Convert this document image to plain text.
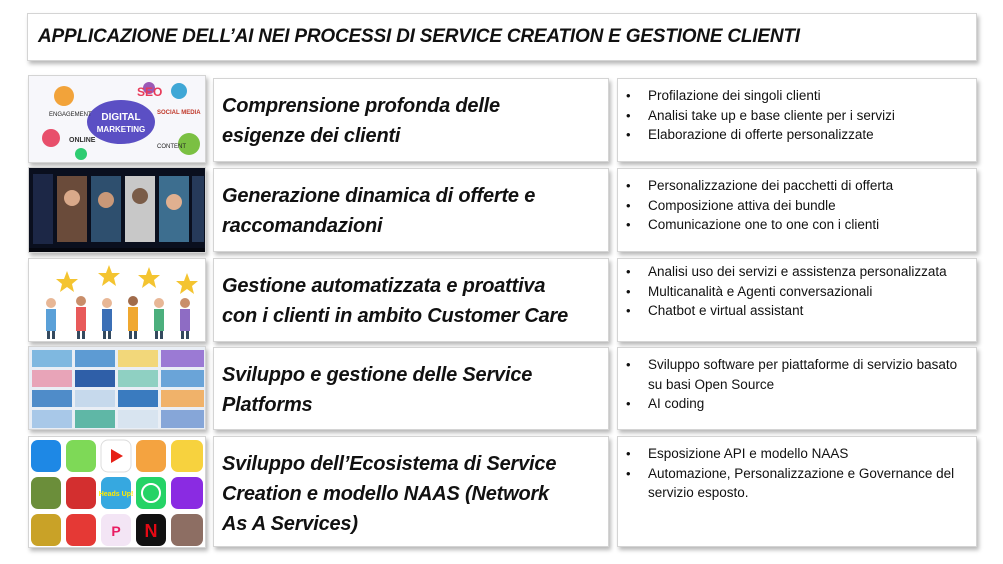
APPLICAZIONE DELL’AI NEI PROCESSI DI SERVICE CREATION E GESTIONE CLIENTI
DIGITAL
MARKETING
SEO
ENGAGEMENT
CONTENT
ONLINE
SOCIAL MEDIA Comprensione profonda delle
esigenze dei clienti
• Profilazione dei singoli clienti
• Analisi take up e base cliente per i servizi
• Elaborazione di offerte personalizzate
Generazione dinamica di offerte e
raccomandazioni
• Personalizzazione dei pacchetti di offerta
• Composizione attiva dei bundle
• Comunicazione one to one con i clienti
Gestione automatizzata e proattiva
con i clienti in ambito Customer Care
• Analisi uso dei servizi e assistenza personalizzata
• Multicanalità e Agenti conversazionali
• Chatbot e virtual assistant
Sviluppo e gestione delle Service
Platforms
• Sviluppo software per piattaforme di servizio basato su basi Open Source
• AI coding
Heads Up!
P N
Sviluppo dell’Ecosistema di Service
Creation e modello NAAS (Network
As A Services)
• Esposizione API e modello NAAS
• Automazione, Personalizzazione e Governance del servizio esposto.
